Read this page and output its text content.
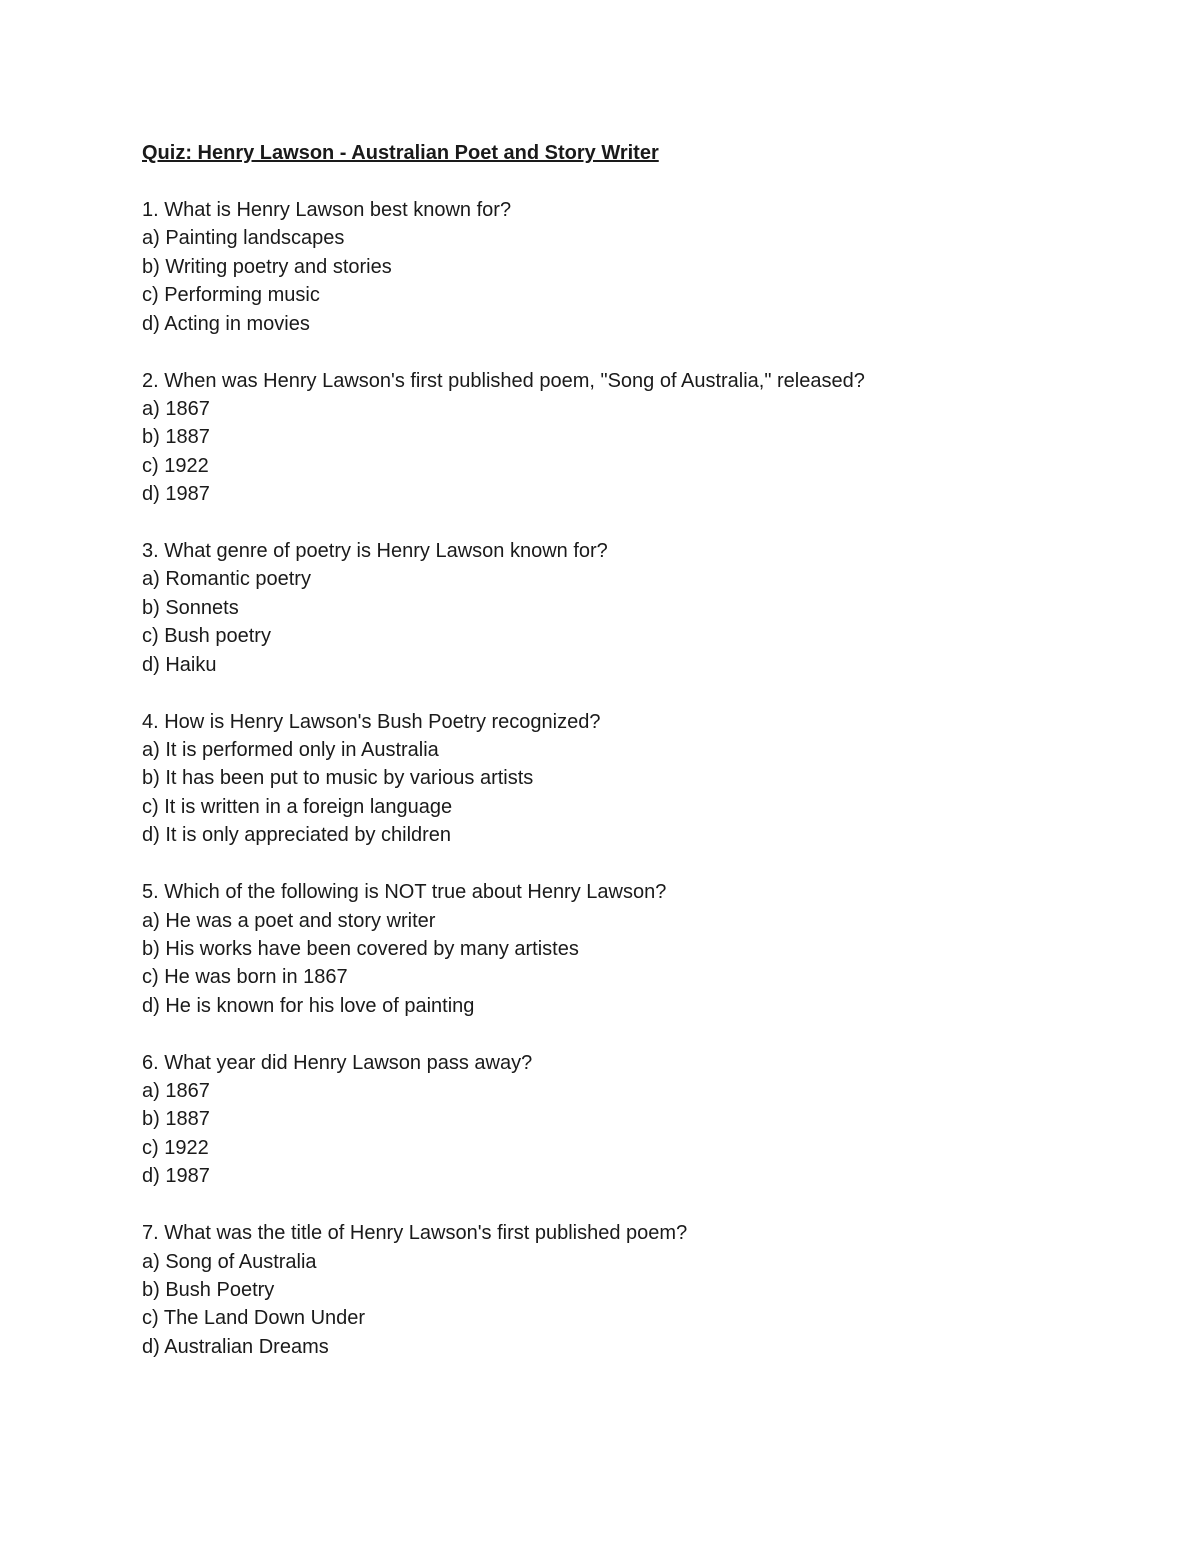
Quiz: Henry Lawson - Australian Poet and Story Writer
1. What is Henry Lawson best known for?
a) Painting landscapes
b) Writing poetry and stories
c) Performing music
d) Acting in movies
2. When was Henry Lawson's first published poem, "Song of Australia," released?
a) 1867
b) 1887
c) 1922
d) 1987
3. What genre of poetry is Henry Lawson known for?
a) Romantic poetry
b) Sonnets
c) Bush poetry
d) Haiku
4. How is Henry Lawson's Bush Poetry recognized?
a) It is performed only in Australia
b) It has been put to music by various artists
c) It is written in a foreign language
d) It is only appreciated by children
5. Which of the following is NOT true about Henry Lawson?
a) He was a poet and story writer
b) His works have been covered by many artistes
c) He was born in 1867
d) He is known for his love of painting
6. What year did Henry Lawson pass away?
a) 1867
b) 1887
c) 1922
d) 1987
7. What was the title of Henry Lawson's first published poem?
a) Song of Australia
b) Bush Poetry
c) The Land Down Under
d) Australian Dreams
